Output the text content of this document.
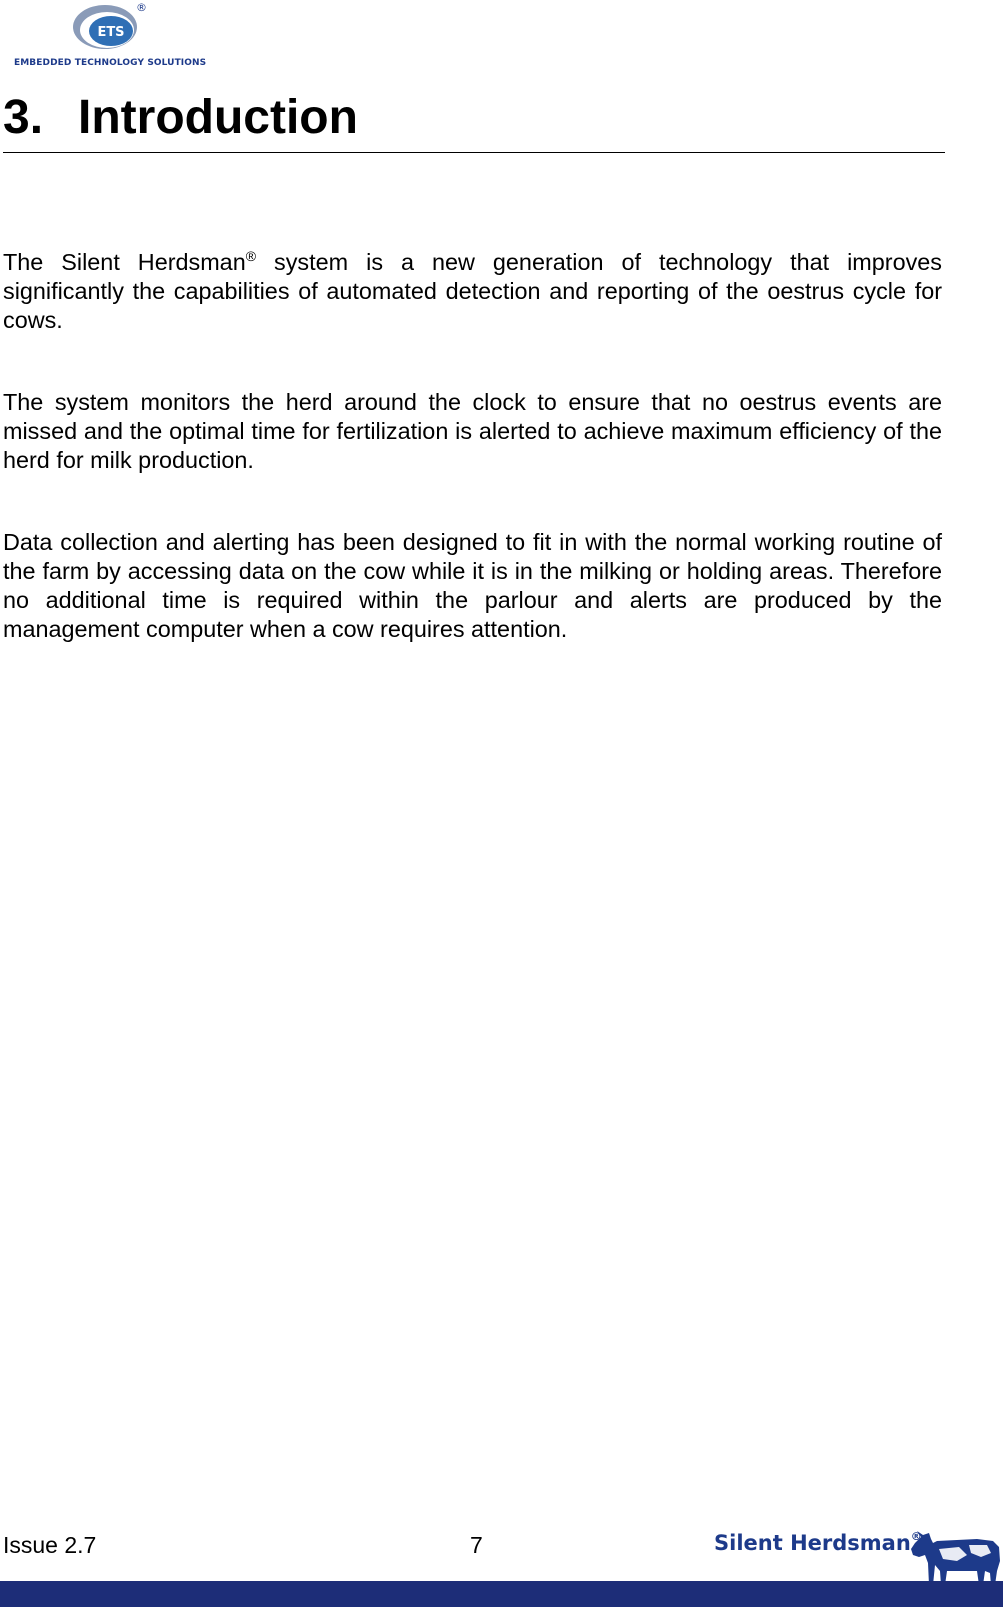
ETS
®
EMBEDDED TECHNOLOGY SOLUTIONS
3. Introduction

The Silent Herdsman® system is a new generation of technology that improves significantly the capabilities of automated detection and reporting of the oestrus cycle for cows.

The system monitors the herd around the clock to ensure that no oestrus events are missed and the optimal time for fertilization is alerted to achieve maximum efficiency of the herd for milk production.

Data collection and alerting has been designed to fit in with the normal working routine of the farm by accessing data on the cow while it is in the milking or holding areas. Therefore no additional time is required within the parlour and alerts are produced by the management computer when a cow requires attention.

Issue 2.7	7	Silent Herdsman®
